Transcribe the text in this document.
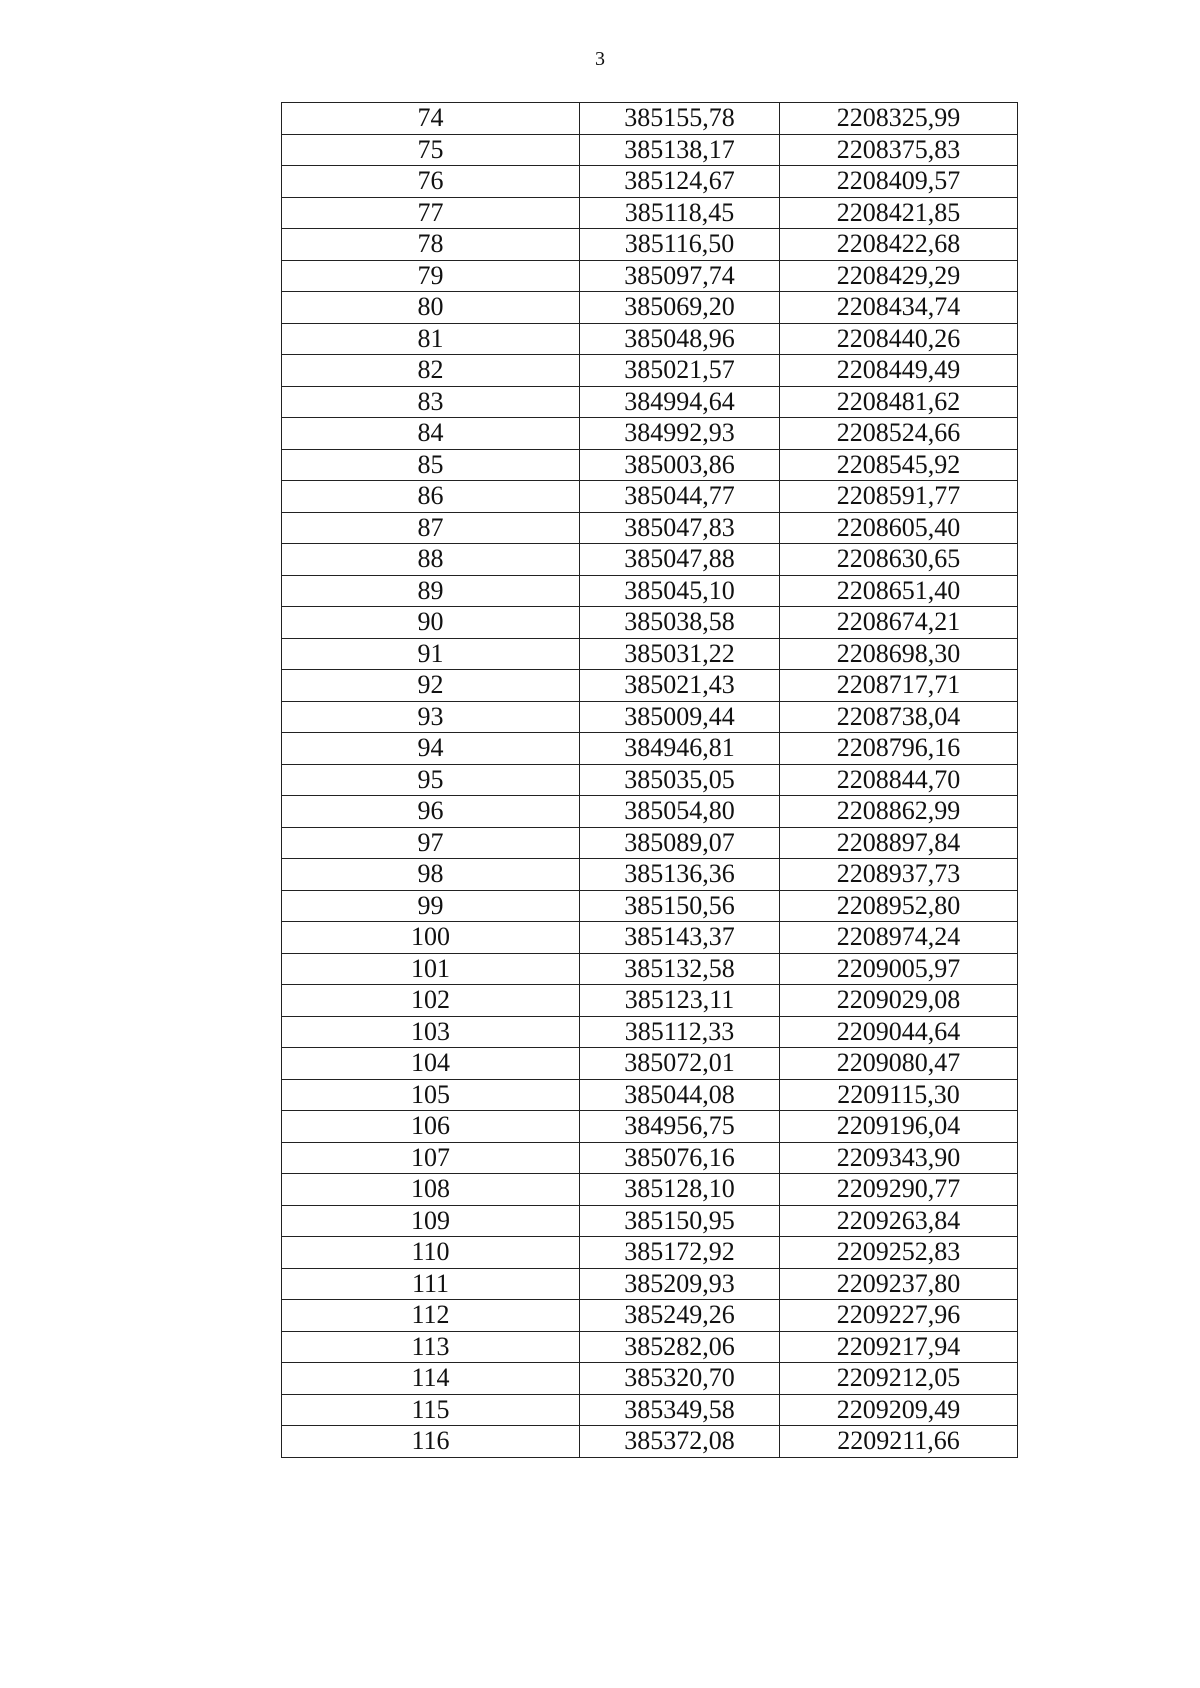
3
74	385155,78	2208325,99
75	385138,17	2208375,83
76	385124,67	2208409,57
77	385118,45	2208421,85
78	385116,50	2208422,68
79	385097,74	2208429,29
80	385069,20	2208434,74
81	385048,96	2208440,26
82	385021,57	2208449,49
83	384994,64	2208481,62
84	384992,93	2208524,66
85	385003,86	2208545,92
86	385044,77	2208591,77
87	385047,83	2208605,40
88	385047,88	2208630,65
89	385045,10	2208651,40
90	385038,58	2208674,21
91	385031,22	2208698,30
92	385021,43	2208717,71
93	385009,44	2208738,04
94	384946,81	2208796,16
95	385035,05	2208844,70
96	385054,80	2208862,99
97	385089,07	2208897,84
98	385136,36	2208937,73
99	385150,56	2208952,80
100	385143,37	2208974,24
101	385132,58	2209005,97
102	385123,11	2209029,08
103	385112,33	2209044,64
104	385072,01	2209080,47
105	385044,08	2209115,30
106	384956,75	2209196,04
107	385076,16	2209343,90
108	385128,10	2209290,77
109	385150,95	2209263,84
110	385172,92	2209252,83
111	385209,93	2209237,80
112	385249,26	2209227,96
113	385282,06	2209217,94
114	385320,70	2209212,05
115	385349,58	2209209,49
116	385372,08	2209211,66
